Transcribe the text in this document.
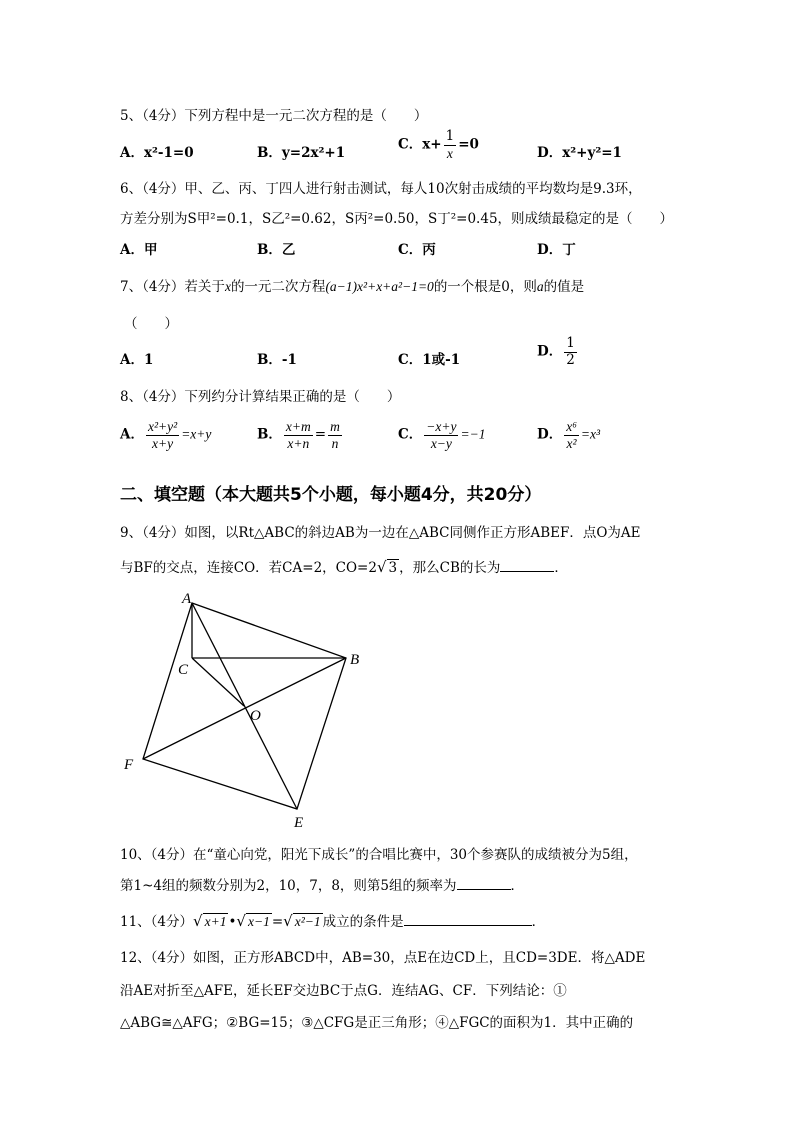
5、（4分）下列方程中是一元二次方程的是（　　）
A．x²-1=0	B．y=2x²+1
C．$x+ \frac{1}{x} =0$
D．x²+y²=1
6、（4分）甲、乙、丙、丁四人进行射击测试，每人10次射击成绩的平均数均是9.3环，
方差分别为S甲²=0.1，S乙²=0.62，S丙²=0.50，S丁²=0.45，则成绩最稳定的是（　　）
A．甲	B．乙	C．丙	D．丁
7、（4分）若关于x的一元二次方程(a−1)x²+x+a²−1=0的一个根是0，则a的值是
（　　）
A．1	B．-1	C．1或-1
D． $\frac{1}{2}$
8、（4分）下列约分计算结果正确的是（　　）
A． $\frac{\text{x²+y²}}{x+y} =x+y$	B． $\frac{x+m}{x+n} = \frac{m}{n}$	C． $\frac{-x+y}{x-y} =-1$	D． $\frac{\text{x⁶}}{\text{x²}} =x^3$
二、填空题（本大题共5个小题，每小题4分，共20分）
9、（4分）如图，以Rt△ABC的斜边AB为一边在△ABC同侧作正方形ABEF．点O为AE
与BF的交点，连接CO．若CA=2，CO=2√ 3 ，那么CB的长为	．
A
B
C
O
E
F
10、（4分）在“童心向党，阳光下成长”的合唱比赛中，30个参赛队的成绩被分为5组，
第1~4组的频数分别为2，10，7，8，则第5组的频率为	．
11、（4分）√ x+1 •√ x−1 =√ x²−1 成立的条件是	．
12、（4分）如图，正方形ABCD中，AB=30，点E在边CD上，且CD=3DE．将△ADE
沿AE对折至△AFE，延长EF交边BC于点G．连结AG、CF．下列结论：①
△ABG≅△AFG；②BG=15；③△CFG是正三角形；④△FGC的面积为1．其中正确的
